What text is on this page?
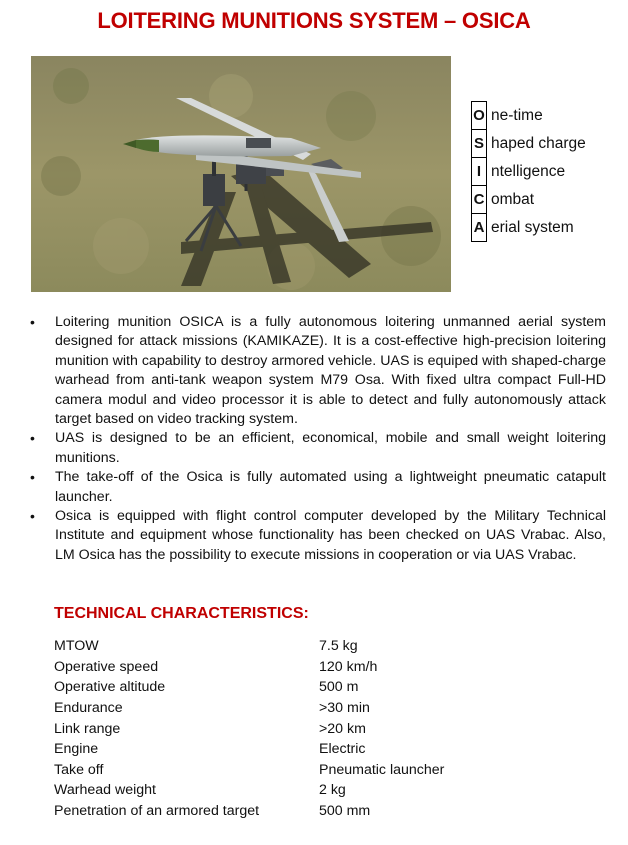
LOITERING MUNITIONS SYSTEM – OSICA
O	ne-time
S	haped charge
I	ntelligence
C	ombat
A	erial system
• Loitering munition OSICA is a fully autonomous loitering unmanned aerial system designed for attack missions (KAMIKAZE). It is a cost-effective high-precision loitering munition with capability to destroy armored vehicle. UAS is equiped with shaped-charge warhead from anti-tank weapon system M79 Osa. With fixed ultra compact Full-HD camera modul and video processor it is able to detect and fully autonomously attack target based on video tracking system.
• UAS is designed to be an efficient, economical, mobile and small weight loitering munitions.
• The take-off of the Osica is fully automated using a lightweight pneumatic catapult launcher.
• Osica is equipped with flight control computer developed by the Military Technical Institute and equipment whose functionality has been checked on UAS Vrabac. Also, LM Osica has the possibility to execute missions in cooperation or via UAS Vrabac.
TECHNICAL CHARACTERISTICS:
MTOW	7.5 kg
Operative speed	120 km/h
Operative altitude	500 m
Endurance	>30 min
Link range	>20 km
Engine	Electric
Take off	Pneumatic launcher
Warhead weight	2 kg
Penetration of an armored target	500 mm
